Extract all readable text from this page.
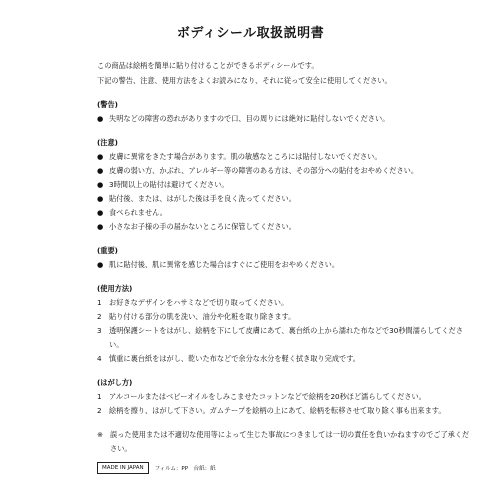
ボディシール取扱説明書

この商品は絵柄を簡単に貼り付けることができるボディシールです。

下記の警告、注意、使用方法をよくお読みになり、それに従って安全に使用してください。

(警告)

● 失明などの障害の恐れがありますので口、目の周りには絶対に貼付しないでください。

(注意)

● 皮膚に異常をきたす場合があります。肌の敏感なところには貼付しないでください。
● 皮膚の弱い方、かぶれ、アレルギー等の障害のある方は、その部分への貼付をおやめください。
● 3時間以上の貼付は避けてください。
● 貼付後、または、はがした後は手を良く洗ってください。
● 食べられません。
● 小さなお子様の手の届かないところに保管してください。

(重要)

● 肌に貼付後、肌に異常を感じた場合はすぐにご使用をおやめください。

(使用方法)

1	お好きなデザインをハサミなどで切り取ってください。
2	貼り付ける部分の肌を洗い、油分や化粧を取り除きます。
3	透明保護シートをはがし、絵柄を下にして皮膚にあて、裏台紙の上から濡れた布などで30秒間濡らしてください。
4	慎重に裏台紙をはがし、乾いた布などで余分な水分を軽く拭き取り完成です。

(はがし方)

1	アルコールまたはベビーオイルをしみこませたコットンなどで絵柄を20秒ほど濡らしてください。
2	絵柄を擦り、はがして下さい。ガムテープを絵柄の上にあて、絵柄を転移させて取り除く事も出来ます。
※ 誤った使用または不適切な使用等によって生じた事故につきましては一切の責任を負いかねますのでご了承ください。
MADE IN JAPAN	フィルム：PP　台紙：紙
